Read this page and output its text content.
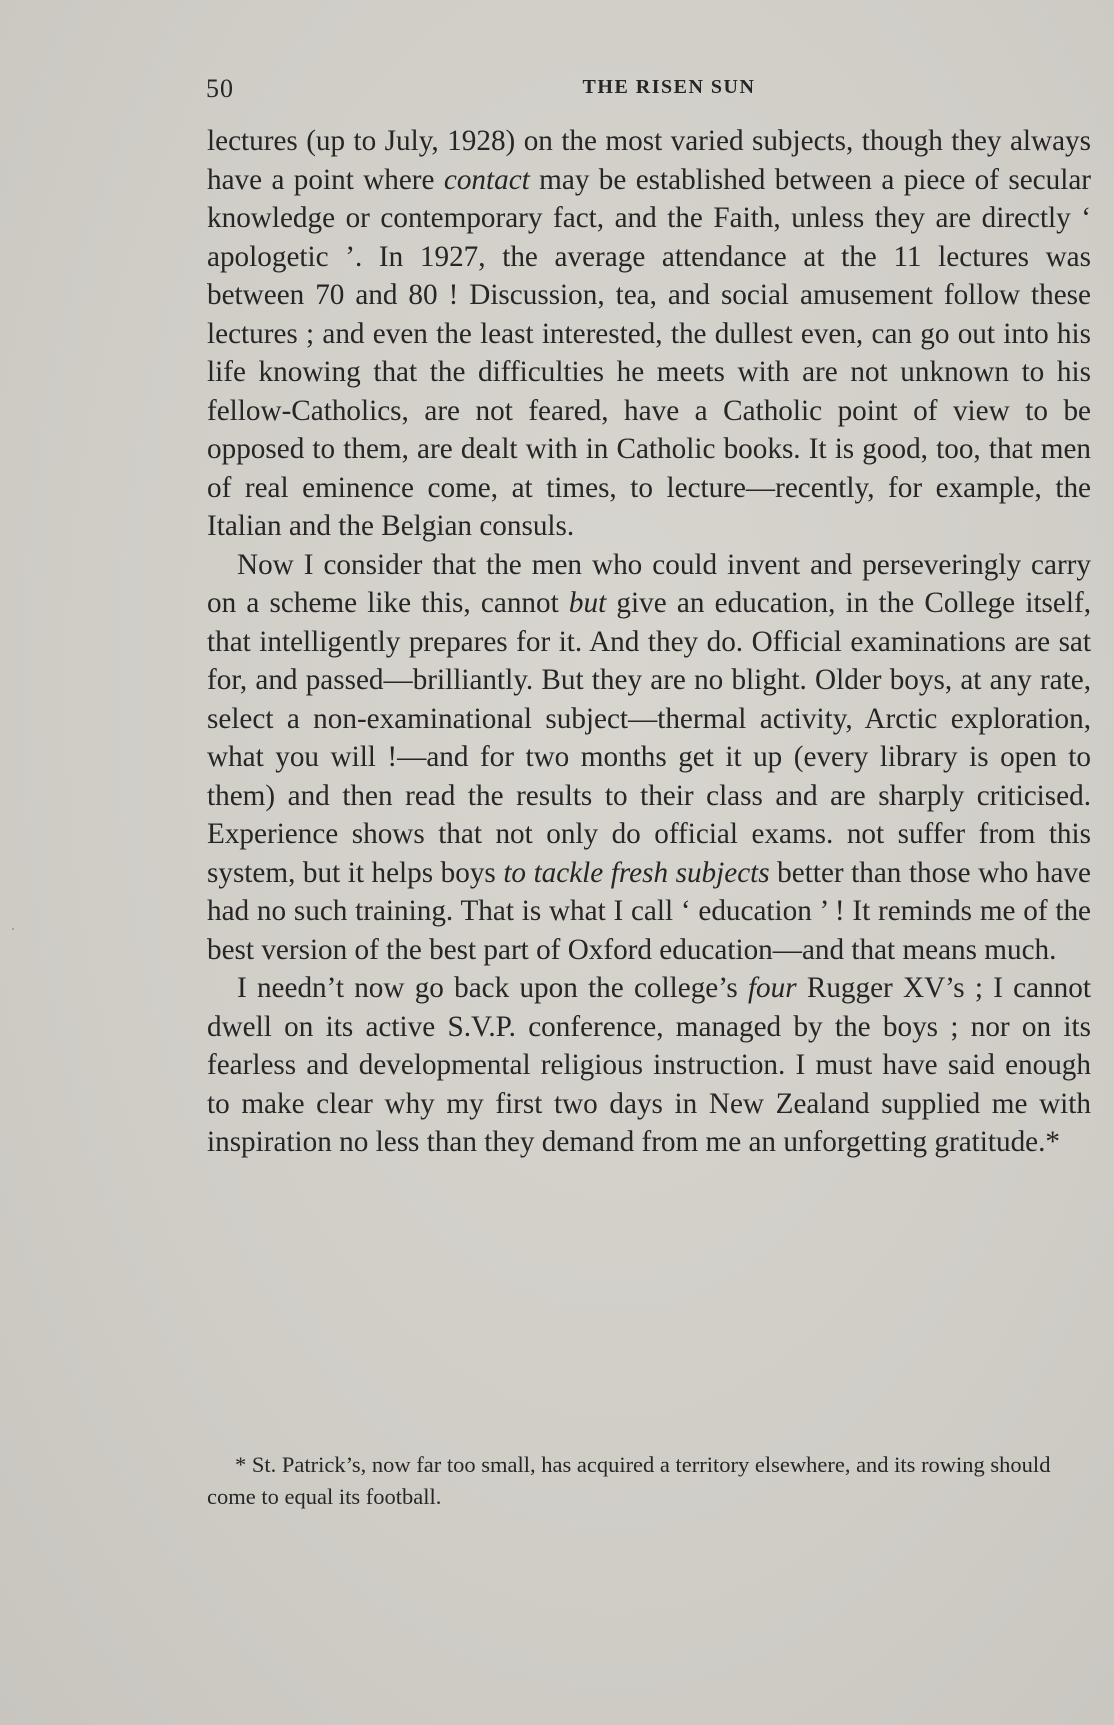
50	THE RISEN SUN

lectures (up to July, 1928) on the most varied subjects, though they always have a point where contact may be established between a piece of secular knowledge or contemporary fact, and the Faith, unless they are directly ‘ apologetic ’. In 1927, the average attendance at the 11 lectures was between 70 and 80 ! Discussion, tea, and social amusement follow these lectures ; and even the least interested, the dullest even, can go out into his life knowing that the difficulties he meets with are not unknown to his fellow-Catholics, are not feared, have a Catholic point of view to be opposed to them, are dealt with in Catholic books. It is good, too, that men of real eminence come, at times, to lecture—recently, for example, the Italian and the Belgian consuls.

Now I consider that the men who could invent and perseveringly carry on a scheme like this, cannot but give an education, in the College itself, that intelligently prepares for it. And they do. Official examinations are sat for, and passed—brilliantly. But they are no blight. Older boys, at any rate, select a non-examinational subject—thermal activity, Arctic exploration, what you will !—and for two months get it up (every library is open to them) and then read the results to their class and are sharply criticised. Experience shows that not only do official exams. not suffer from this system, but it helps boys to tackle fresh subjects better than those who have had no such training. That is what I call ‘ education ’ ! It reminds me of the best version of the best part of Oxford education—and that means much.

I needn’t now go back upon the college’s four Rugger XV’s ; I cannot dwell on its active S.V.P. conference, managed by the boys ; nor on its fearless and developmental religious instruction. I must have said enough to make clear why my first two days in New Zealand supplied me with inspiration no less than they demand from me an unforgetting gratitude.*

* St. Patrick’s, now far too small, has acquired a territory elsewhere, and its rowing should come to equal its football.
